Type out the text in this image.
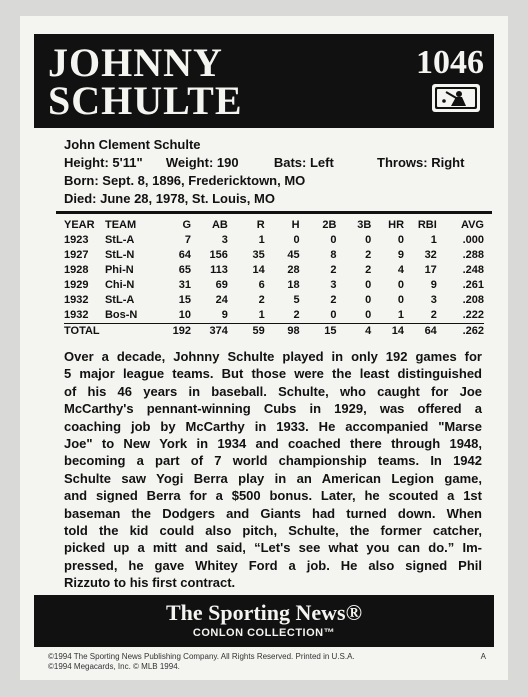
JOHNNY
SCHULTE
1046
John Clement Schulte
Height: 5'11" Weight: 190	Bats: Left	Throws: Right
Born: Sept. 8, 1896, Fredericktown, MO
Died: June 28, 1978, St. Louis, MO
YEAR	TEAM	G	AB	R	H	2B	3B	HR	RBI	AVG
1923	StL-A	7	3	1	0	0	0	0	1	.000
1927	StL-N	64	156	35	45	8	2	9	32	.288
1928	Phi-N	65	113	14	28	2	2	4	17	.248
1929	Chi-N	31	69	6	18	3	0	0	9	.261
1932	StL-A	15	24	2	5	2	0	0	3	.208
1932	Bos-N	10	9	1	2	0	0	1	2	.222
TOTAL		192	374	59	98	15	4	14	64	.262

Over a decade, Johnny Schulte played in only 192 games for

5 major league teams. But those were the least distinguished

of his 46 years in baseball. Schulte, who caught for Joe

McCarthy's pennant-winning Cubs in 1929, was offered a

coaching job by McCarthy in 1933. He accompanied "Marse

Joe" to New York in 1934 and coached there through 1948,

becoming a part of 7 world championship teams. In 1942

Schulte saw Yogi Berra play in an American Legion game,

and signed Berra for a $500 bonus. Later, he scouted a 1st

baseman the Dodgers and Giants had turned down. When

told the kid could also pitch, Schulte, the former catcher,

picked up a mitt and said, “Let's see what you can do.” Im-

pressed, he gave Whitey Ford a job. He also signed Phil

Rizzuto to his first contract.

The Sporting News®
CONLON COLLECTION™
©1994 The Sporting News Publishing Company. All Rights Reserved. Printed in U.S.A.
©1994 Megacards, Inc. © MLB 1994.
A
